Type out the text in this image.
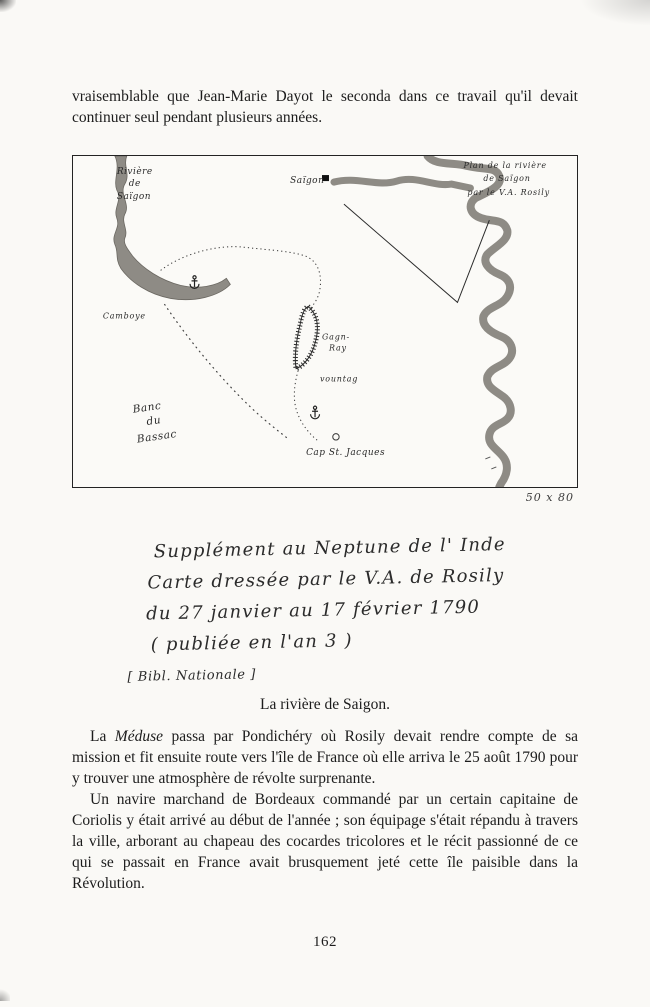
vraisemblable que Jean-Marie Dayot le seconda dans ce travail qu'il devait continuer seul pendant plusieurs années.

Rivière
de
Saïgon
Saïgon
Plan de la rivière
de Saïgon
par le V.A. Rosily
Camboye
Gagn-
Ray
vountag
Banc
du
Bassac
Cap St. Jacques
50 x 80
Supplément au Neptune de l' Inde
Carte dressée par le V.A. de Rosily
du 27 janvier au 17 février 1790
( publiée en l'an 3 )
[ Bibl. Nationale ]

La rivière de Saigon.

La Méduse passa par Pondichéry où Rosily devait rendre compte de sa mission et fit ensuite route vers l'île de France où elle arriva le 25 août 1790 pour y trouver une atmosphère de révolte surprenante.

Un navire marchand de Bordeaux commandé par un certain capitaine de Coriolis y était arrivé au début de l'année ; son équipage s'était répandu à travers la ville, arborant au chapeau des cocardes tricolores et le récit passionné de ce qui se passait en France avait brusquement jeté cette île paisible dans la Révolution.

162
